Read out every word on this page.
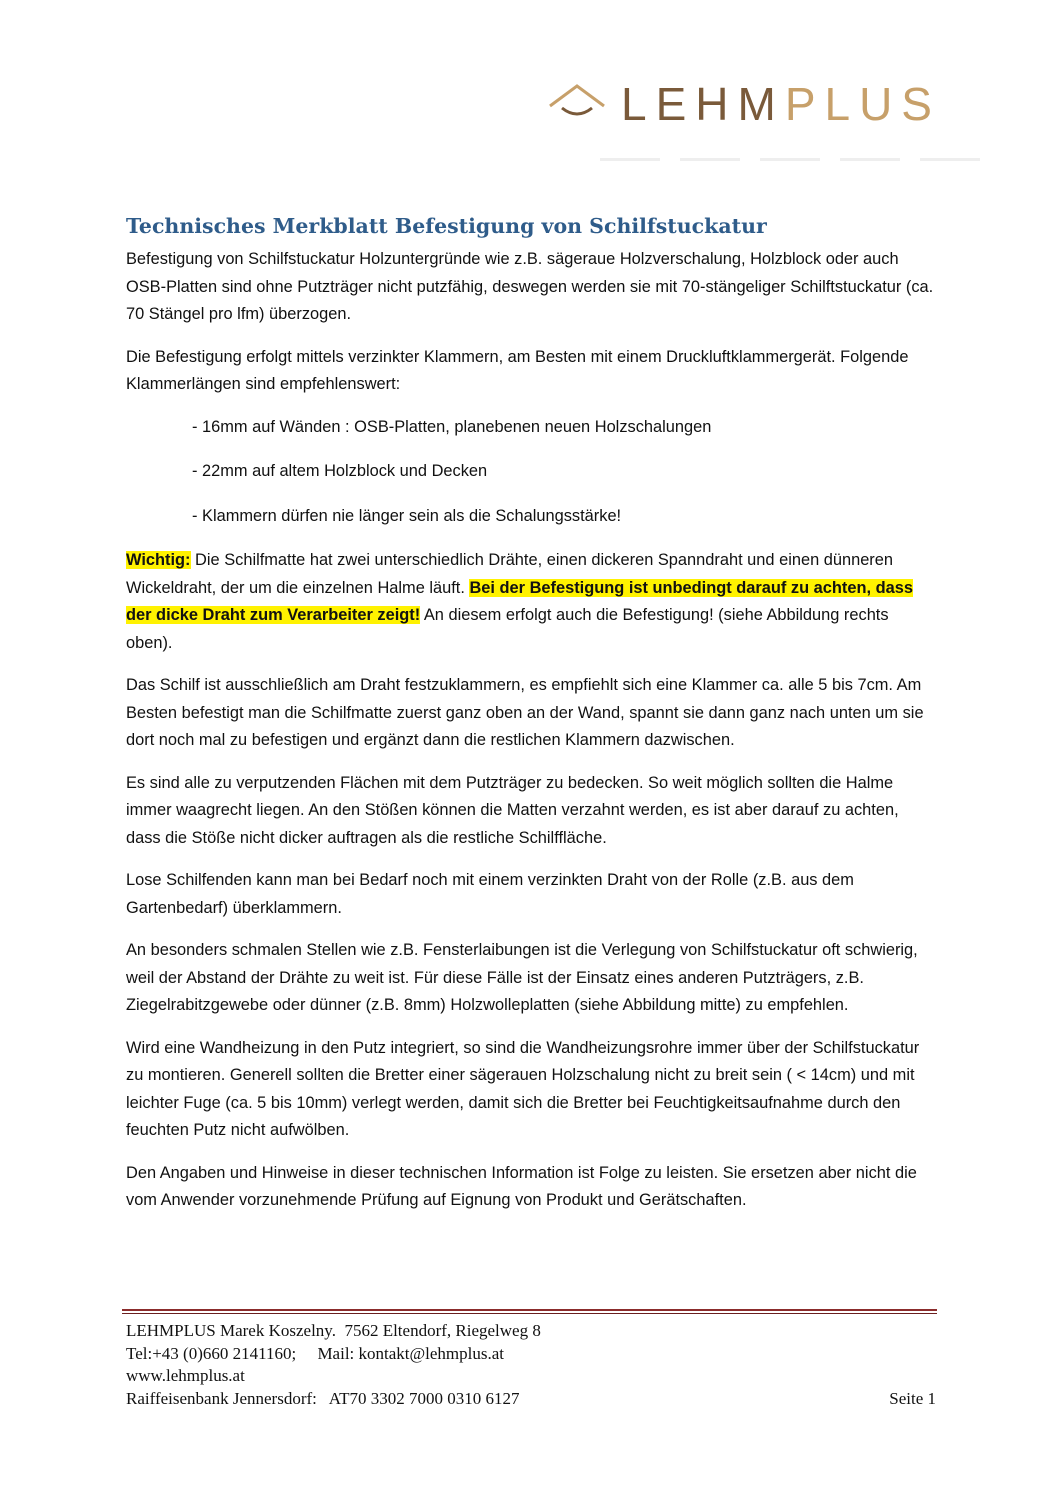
LEHMPLUS
Technisches Merkblatt Befestigung von Schilfstuckatur

Befestigung von Schilfstuckatur Holzuntergründe wie z.B. sägeraue Holzverschalung, Holzblock oder auch OSB-Platten sind ohne Putzträger nicht putzfähig, deswegen werden sie mit 70-stängeliger Schilftstuckatur (ca. 70 Stängel pro lfm) überzogen.

Die Befestigung erfolgt mittels verzinkter Klammern, am Besten mit einem Druckluftklammergerät. Folgende Klammerlängen sind empfehlenswert:

- 16mm auf Wänden : OSB-Platten, planebenen neuen Holzschalungen

- 22mm auf altem Holzblock und Decken

- Klammern dürfen nie länger sein als die Schalungsstärke!

Wichtig: Die Schilfmatte hat zwei unterschiedlich Drähte, einen dickeren Spanndraht und einen dünneren Wickeldraht, der um die einzelnen Halme läuft. Bei der Befestigung ist unbedingt darauf zu achten, dass der dicke Draht zum Verarbeiter zeigt! An diesem erfolgt auch die Befestigung! (siehe Abbildung rechts oben).

Das Schilf ist ausschließlich am Draht festzuklammern, es empfiehlt sich eine Klammer ca. alle 5 bis 7cm. Am Besten befestigt man die Schilfmatte zuerst ganz oben an der Wand, spannt sie dann ganz nach unten um sie dort noch mal zu befestigen und ergänzt dann die restlichen Klammern dazwischen.

Es sind alle zu verputzenden Flächen mit dem Putzträger zu bedecken. So weit möglich sollten die Halme immer waagrecht liegen. An den Stößen können die Matten verzahnt werden, es ist aber darauf zu achten, dass die Stöße nicht dicker auftragen als die restliche Schilffläche.

Lose Schilfenden kann man bei Bedarf noch mit einem verzinkten Draht von der Rolle (z.B. aus dem Gartenbedarf) überklammern.

An besonders schmalen Stellen wie z.B. Fensterlaibungen ist die Verlegung von Schilfstuckatur oft schwierig, weil der Abstand der Drähte zu weit ist. Für diese Fälle ist der Einsatz eines anderen Putzträgers, z.B. Ziegelrabitzgewebe oder dünner (z.B. 8mm) Holzwolleplatten (siehe Abbildung mitte) zu empfehlen.

Wird eine Wandheizung in den Putz integriert, so sind die Wandheizungsrohre immer über der Schilfstuckatur zu montieren. Generell sollten die Bretter einer sägerauen Holzschalung nicht zu breit sein ( < 14cm) und mit leichter Fuge (ca. 5 bis 10mm) verlegt werden, damit sich die Bretter bei Feuchtigkeitsaufnahme durch den feuchten Putz nicht aufwölben.

Den Angaben und Hinweise in dieser technischen Information ist Folge zu leisten. Sie ersetzen aber nicht die vom Anwender vorzunehmende Prüfung auf Eignung von Produkt und Gerätschaften.

LEHMPLUS Marek Koszelny.  7562 Eltendorf, Riegelweg 8
Tel:+43 (0)660 2141160;     Mail: kontakt@lehmplus.at
www.lehmplus.at
Raiffeisenbank Jennersdorf:   AT70 3302 7000 0310 6127	Seite 1
